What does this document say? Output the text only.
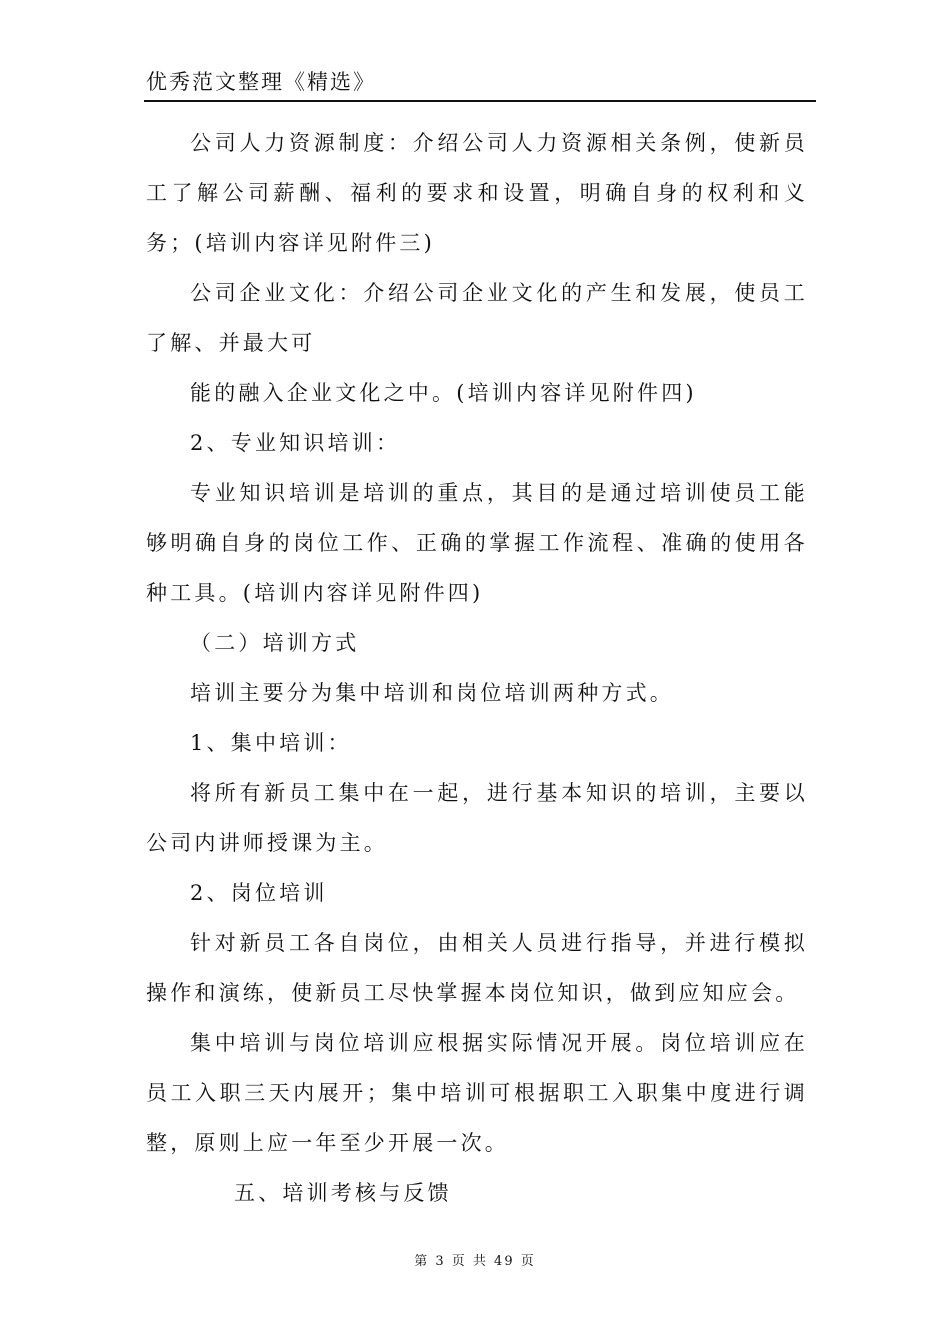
优秀范文整理《精选》

公司人力资源制度：介绍公司人力资源相关条例，使新员工了解公司薪酬、福利的要求和设置，明确自身的权利和义务；(培训内容详见附件三)

公司企业文化：介绍公司企业文化的产生和发展，使员工了解、并最大可

能的融入企业文化之中。(培训内容详见附件四)

2、专业知识培训：

专业知识培训是培训的重点，其目的是通过培训使员工能够明确自身的岗位工作、正确的掌握工作流程、准确的使用各种工具。(培训内容详见附件四)

（二）培训方式

培训主要分为集中培训和岗位培训两种方式。

1、集中培训：

将所有新员工集中在一起，进行基本知识的培训，主要以公司内讲师授课为主。

2、岗位培训

针对新员工各自岗位，由相关人员进行指导，并进行模拟操作和演练，使新员工尽快掌握本岗位知识，做到应知应会。

集中培训与岗位培训应根据实际情况开展。岗位培训应在员工入职三天内展开；集中培训可根据职工入职集中度进行调整，原则上应一年至少开展一次。

五、培训考核与反馈

第 3 页 共 49 页
